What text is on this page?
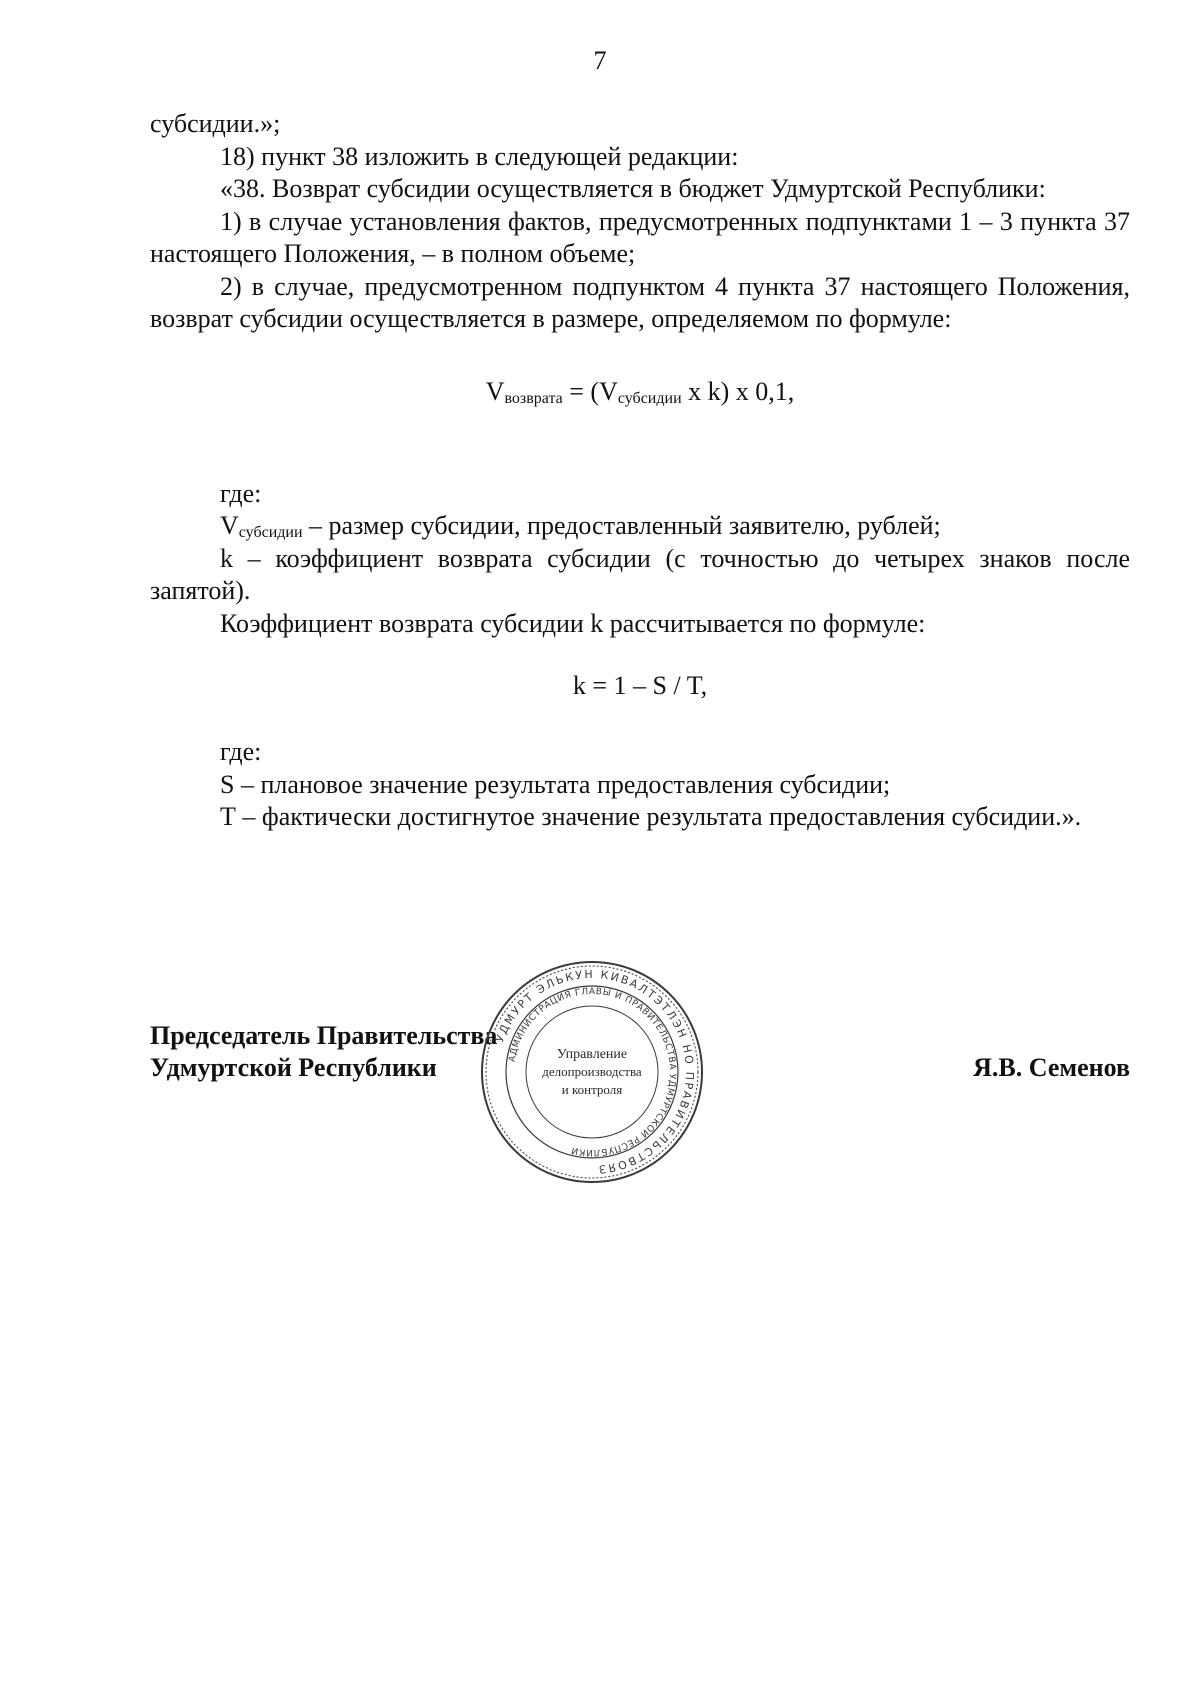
7

субсидии.»;

18) пункт 38 изложить в следующей редакции:

«38. Возврат субсидии осуществляется в бюджет Удмуртской Республики:

1) в случае установления фактов, предусмотренных подпунктами 1 – 3 пункта 37 настоящего Положения, – в полном объеме;

2) в случае, предусмотренном подпунктом 4 пункта 37 настоящего Положения, возврат субсидии осуществляется в размере, определяемом по формуле:

$V_{возврата} = (V_{субсидии}$ x k) x 0,1,

где:

$V_{субсидии}$ – размер субсидии, предоставленный заявителю, рублей;

k – коэффициент возврата субсидии (с точностью до четырех знаков после запятой).

Коэффициент возврата субсидии k рассчитывается по формуле:

k = 1 – S / T,

где:

S – плановое значение результата предоставления субсидии;

Т – фактически достигнутое значение результата предоставления субсидии.».

Председатель Правительства
Удмуртской Республики	Я.В. Семенов
УДМУРТ ЭЛЬКУН КИВАЛТЭТЛЭН НО ПРАВИТЕЛЬСТВОЯЗ
АДМИНИСТРАЦИЯ ГЛАВЫ И ПРАВИТЕЛЬСТВА УДМУРТСКОЙ РЕСПУБЛИКИ
Управление
делопроизводства
и контроля
